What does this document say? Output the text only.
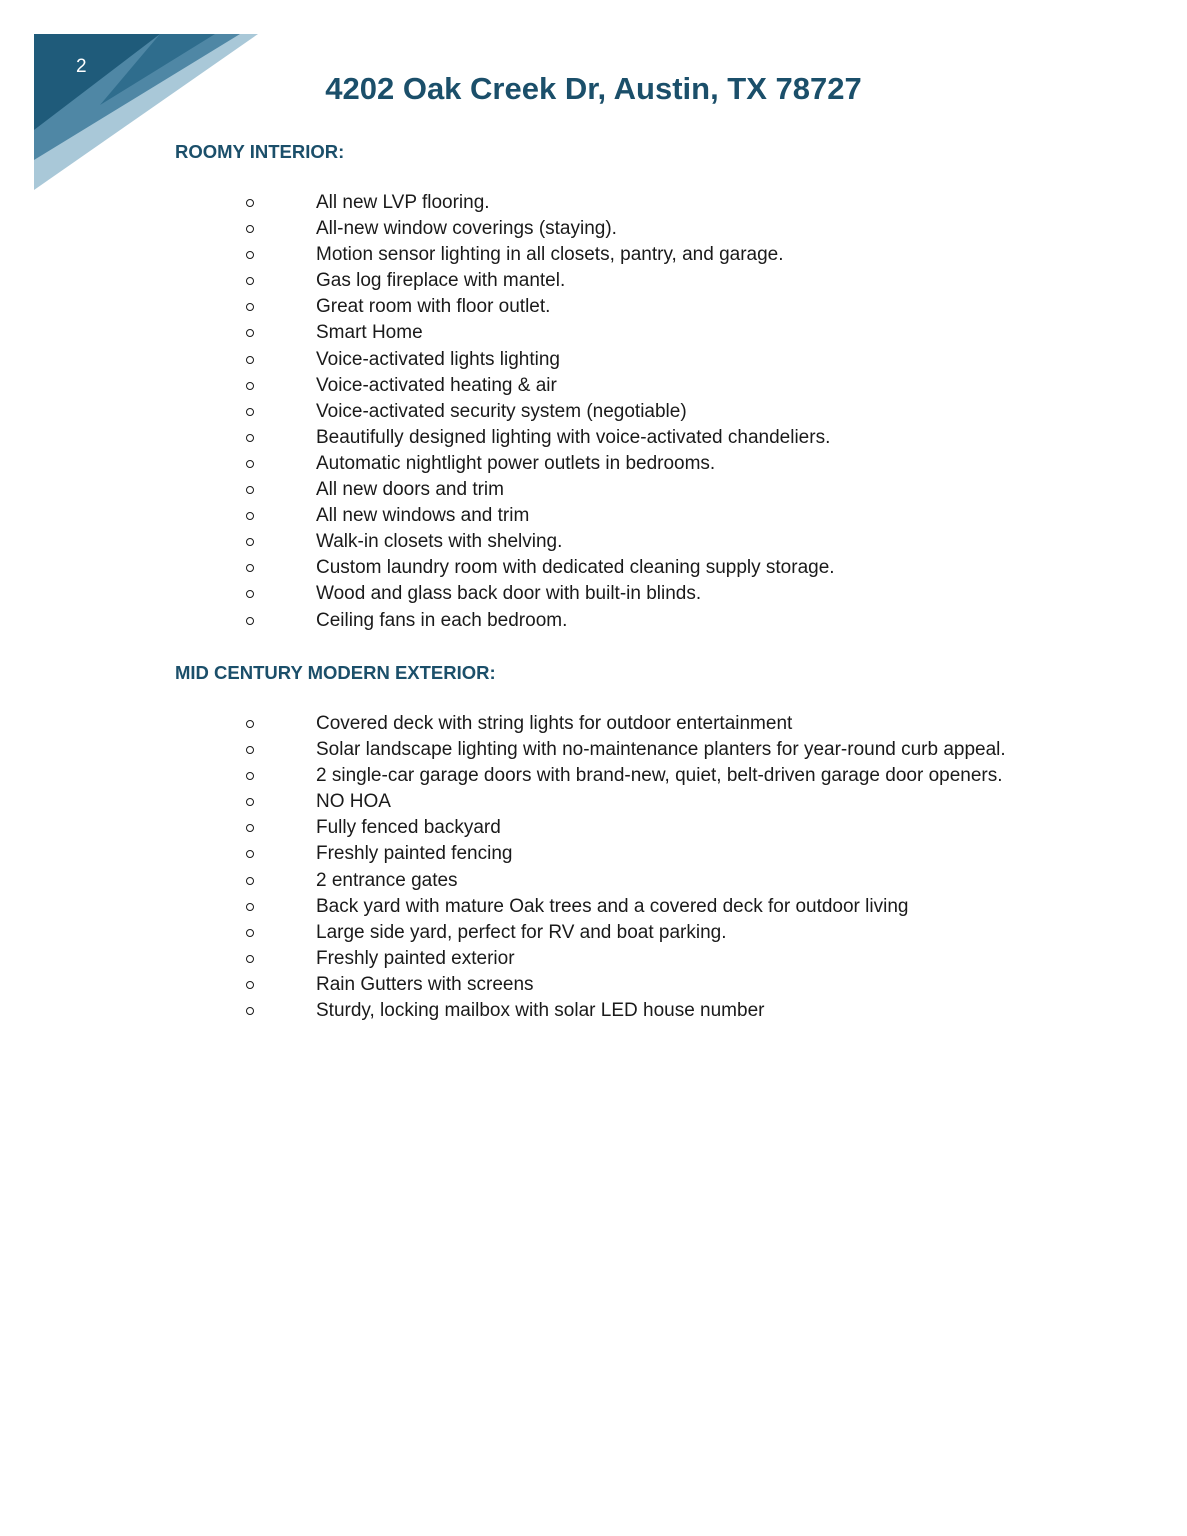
2
4202 Oak Creek Dr, Austin, TX 78727
ROOMY INTERIOR:
All new LVP flooring.
All-new window coverings (staying).
Motion sensor lighting in all closets, pantry, and garage.
Gas log fireplace with mantel.
Great room with floor outlet.
Smart Home
Voice-activated lights lighting
Voice-activated heating & air
Voice-activated security system (negotiable)
Beautifully designed lighting with voice-activated chandeliers.
Automatic nightlight power outlets in bedrooms.
All new doors and trim
All new windows and trim
Walk-in closets with shelving.
Custom laundry room with dedicated cleaning supply storage.
Wood and glass back door with built-in blinds.
Ceiling fans in each bedroom.
MID CENTURY MODERN EXTERIOR:
Covered deck with string lights for outdoor entertainment
Solar landscape lighting with no-maintenance planters for year-round curb appeal.
2 single-car garage doors with brand-new, quiet, belt-driven garage door openers.
NO HOA
Fully fenced backyard
Freshly painted fencing
2 entrance gates
Back yard with mature Oak trees and a covered deck for outdoor living
Large side yard, perfect for RV and boat parking.
Freshly painted exterior
Rain Gutters with screens
Sturdy, locking mailbox with solar LED house number
